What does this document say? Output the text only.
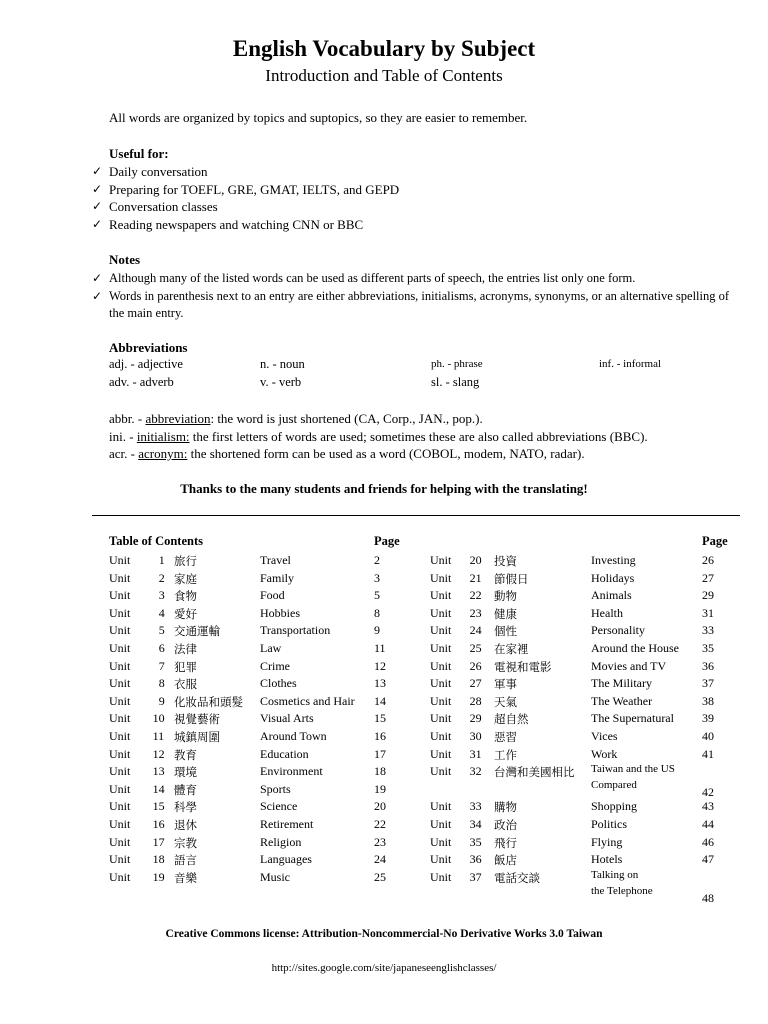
English Vocabulary by Subject
Introduction and Table of Contents
All words are organized by topics and suptopics, so they are easier to remember.
Useful for:
✓ Daily conversation
✓ Preparing for TOEFL, GRE, GMAT, IELTS, and GEPD
✓ Conversation classes
✓ Reading newspapers and watching CNN or BBC
Notes
✓ Although many of the listed words can be used as different parts of speech, the entries list only one form.
✓ Words in parenthesis next to an entry are either abbreviations, initialisms, acronyms, synonyms, or an alternative spelling of the main entry.
Abbreviations
adj. - adjective	n. - noun	ph. - phrase	inf. - informal
adv. - adverb	v. - verb	sl. - slang
abbr. - abbreviation: the word is just shortened (CA, Corp., JAN., pop.).
ini. - initialism: the first letters of words are used; sometimes these are also called abbreviations (BBC).
acr. - acronym: the shortened form can be used as a word (COBOL, modem, NATO, radar).
Thanks to the many students and friends for helping with the translating!
Table of Contents	Page	Page
Unit 1 旅行	Travel	2
Unit 2 家庭	Family	3
Unit 3 食物	Food	5
Unit 4 愛好	Hobbies	8
Unit 5 交通運輸	Transportation	9
Unit 6 法律	Law	11
Unit 7 犯罪	Crime	12
Unit 8 衣服	Clothes	13
Unit 9 化妝品和頭髮 Cosmetics and Hair 14
Unit 10 視覺藝術	Visual Arts	15
Unit 11 城鎮周圍	Around Town	16
Unit 12 教育	Education	17
Unit 13 環境	Environment	18
Unit 14 體育	Sports	19
Unit 15 科學	Science	20
Unit 16 退休	Retirement	22
Unit 17 宗教	Religion	23
Unit 18 語言	Languages	24
Unit 19 音樂	Music	25
Unit 20 投資	Investing	26
Unit 21 節假日	Holidays	27
Unit 22 動物	Animals	29
Unit 23 健康	Health	31
Unit 24 個性	Personality	33
Unit 25 在家裡	Around the House 35
Unit 26 電視和電影	Movies and TV	36
Unit 27 軍事	The Military	37
Unit 28 天氣	The Weather	38
Unit 29 超自然	The Supernatural 39
Unit 30 惡習	Vices	40
Unit 31 工作	Work	41
Unit 32 台灣和美國相比 Taiwan and the US
Compared	42
Unit 33 購物	Shopping	43
Unit 34 政治	Politics	44
Unit 35 飛行	Flying	46
Unit 36 飯店	Hotels	47
Unit 37 電話交談	Talking on
the Telephone	48
Creative Commons license: Attribution-Noncommercial-No Derivative Works 3.0 Taiwan
http://sites.google.com/site/japaneseenglishclasses/
